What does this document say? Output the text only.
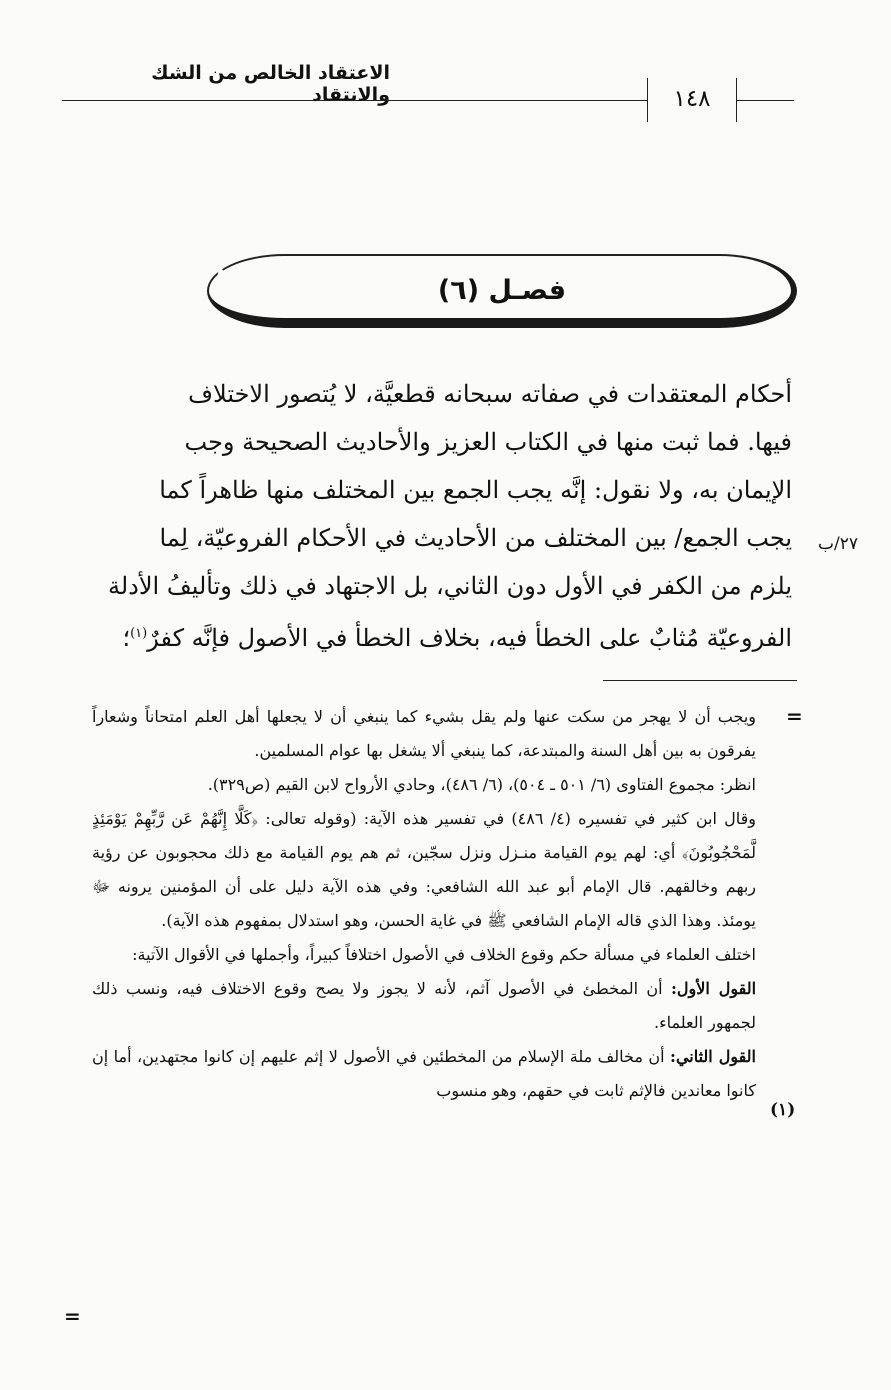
الاعتقاد الخالص من الشك والانتقاد	١٤٨
فصـل (٦)
أحكام المعتقدات في صفاته سبحانه قطعيَّة، لا يُتصور الاختلاف
فيها. فما ثبت منها في الكتاب العزيز والأحاديث الصحيحة وجب
الإيمان به، ولا نقول: إنَّه يجب الجمع بين المختلف منها ظاهراً كما
يجب الجمع/ بين المختلف من الأحاديث في الأحكام الفروعيّة، لِما
يلزم من الكفر في الأول دون الثاني، بل الاجتهاد في ذلك وتأليفُ الأدلة
الفروعيّة مُثابٌ على الخطأ فيه، بخلاف الخطأ في الأصول فإنَّه كفرٌ$^{(١)}$؛
٢٧/ب
=
(١)
=

ويجب أن لا يهجر من سكت عنها ولم يقل بشيء كما ينبغي أن لا يجعلها أهل العلم امتحاناً وشعاراً يفرقون به بين أهل السنة والمبتدعة، كما ينبغي ألا يشغل بها عوام المسلمين.

انظر: مجموع الفتاوى (٦/ ٥٠١ ـ ٥٠٤)، (٦/ ٤٨٦)، وحادي الأرواح لابن القيم (ص٣٢٩).

وقال ابن كثير في تفسيره (٤/ ٤٨٦) في تفسير هذه الآية: (وقوله تعالى: ﴿كَلَّا إِنَّهُمْ عَن رَّبِّهِمْ يَوْمَئِذٍ لَّمَحْجُوبُونَ﴾ أي: لهم يوم القيامة منـزل ونزل سجّين، ثم هم يوم القيامة مع ذلك محجوبون عن رؤية ربهم وخالقهم. قال الإمام أبو عبد الله الشافعي: وفي هذه الآية دليل على أن المؤمنين يرونه ﷻ يومئذ. وهذا الذي قاله الإمام الشافعي ﷺ في غاية الحسن، وهو استدلال بمفهوم هذه الآية).

اختلف العلماء في مسألة حكم وقوع الخلاف في الأصول اختلافاً كبيراً، وأجملها في الأقوال الآتية:

القول الأول: أن المخطئ في الأصول آثم، لأنه لا يجوز ولا يصح وقوع الاختلاف فيه، ونسب ذلك لجمهور العلماء.

القول الثاني: أن مخالف ملة الإسلام من المخطئين في الأصول لا إثم عليهم إن كانوا مجتهدين، أما إن كانوا معاندين فالإثم ثابت في حقهم، وهو منسوب
